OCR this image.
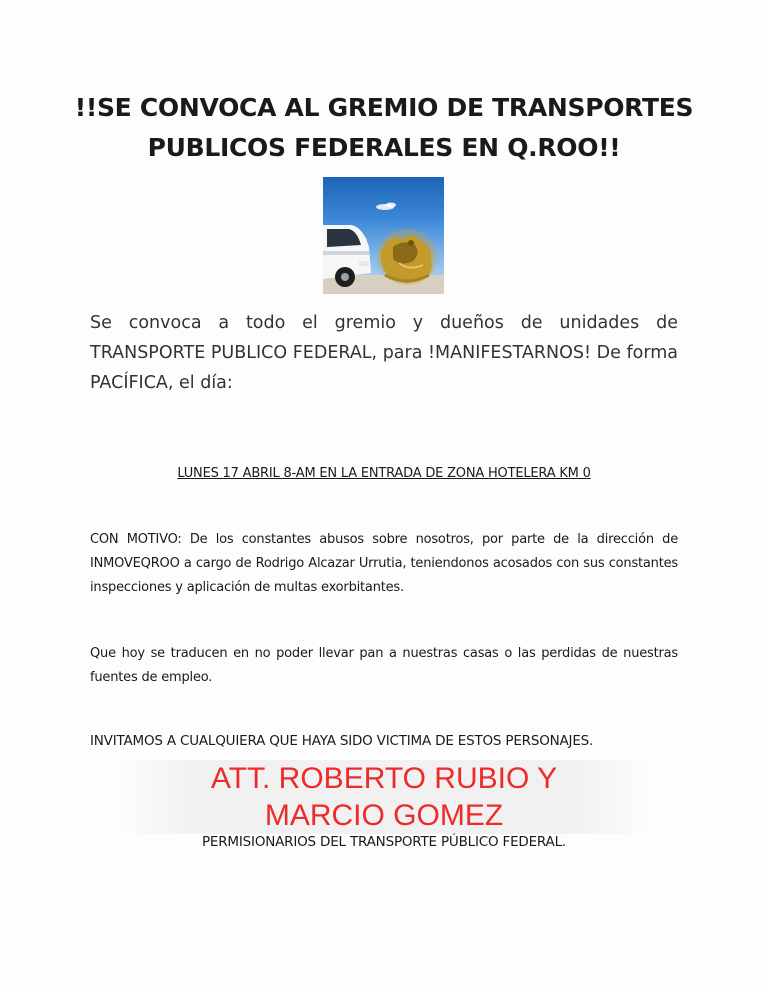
!!SE CONVOCA AL GREMIO DE TRANSPORTES
PUBLICOS FEDERALES EN Q.ROO!!
Se convoca a todo el gremio y dueños de unidades de TRANSPORTE PUBLICO FEDERAL, para !MANIFESTARNOS! De forma PACÍFICA, el día:
LUNES 17 ABRIL 8-AM EN LA ENTRADA DE ZONA HOTELERA KM 0
CON MOTIVO: De los constantes abusos sobre nosotros, por parte de la dirección de INMOVEQROO a cargo de Rodrigo Alcazar Urrutia, teniendonos acosados con sus constantes inspecciones y aplicación de multas exorbitantes.
Que hoy se traducen en no poder llevar pan a nuestras casas o las perdidas de nuestras fuentes de empleo.
INVITAMOS A CUALQUIERA QUE HAYA SIDO VICTIMA DE ESTOS PERSONAJES.
ATT. ROBERTO RUBIO Y
MARCIO GOMEZ
PERMISIONARIOS DEL TRANSPORTE PÚBLICO FEDERAL.
